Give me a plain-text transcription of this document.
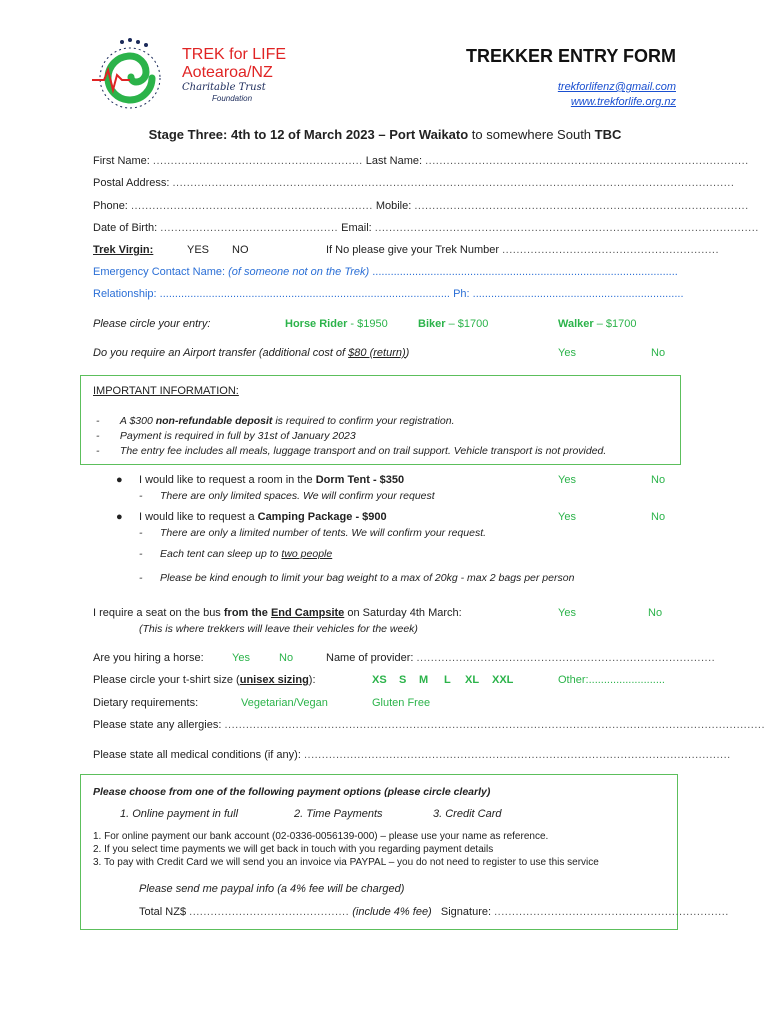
TREK for LIFE
Aotearoa/NZ
Charitable Trust
Foundation
TREKKER ENTRY FORM
trekforlifenz@gmail.com
www.trekforlife.org.nz
Stage Three: 4th to 12 of March 2023 – Port Waikato to somewhere South TBC
First Name: ........................................................... Last Name: ...........................................................................................
Postal Address: ..............................................................................................................................................................
Phone: .................................................................... Mobile: ..............................................................................................
Date of Birth: .................................................. Email: ............................................................................................................
Trek Virgin:	YES NO	If No please give your Trek Number .............................................................
Emergency Contact Name: (of someone not on the Trek) ....................................................................................................
Relationship: ............................................................................................... Ph: .....................................................................
Please circle your entry:	Horse Rider - $1950	Biker – $1700	Walker – $1700
Do you require an Airport transfer (additional cost of $80 (return))	Yes	No
IMPORTANT INFORMATION:
-       A $300 non-refundable deposit is required to confirm your registration.
-       Payment is required in full by 31st of January 2023
-       The entry fee includes all meals, luggage transport and on trail support. Vehicle transport is not provided.
● I would like to request a room in the Dorm Tent - $350	Yes	No
-      There are only limited spaces. We will confirm your request
● I would like to request a Camping Package - $900	Yes	No
-      There are only a limited number of tents. We will confirm your request.
-      Each tent can sleep up to two people
-      Please be kind enough to limit your bag weight to a max of 20kg - max 2 bags per person
I require a seat on the bus from the End Campsite on Saturday 4th March:	Yes	No
(This is where trekkers will leave their vehicles for the week)
Are you hiring a horse:	Yes	No	Name of provider: ....................................................................................
Please circle your t-shirt size (unisex sizing):	XS S M L XL XXL	Other:.........................
Dietary requirements:	Vegetarian/Vegan	Gluten Free
Please state any allergies: ........................................................................................................................................................
Please state all medical conditions (if any): ........................................................................................................................
Please choose from one of the following payment options (please circle clearly)
1. Online payment in full	2. Time Payments	3. Credit Card
1. For online payment our bank account (02-0336-0056139-000) – please use your name as reference.
2. If you select time payments we will get back in touch with you regarding payment details
3. To pay with Credit Card we will send you an invoice via PAYPAL – you do not need to register to use this service
Please send me paypal info (a 4% fee will be charged)
Total NZ$ ............................................. (include 4% fee) Signature: ..................................................................
